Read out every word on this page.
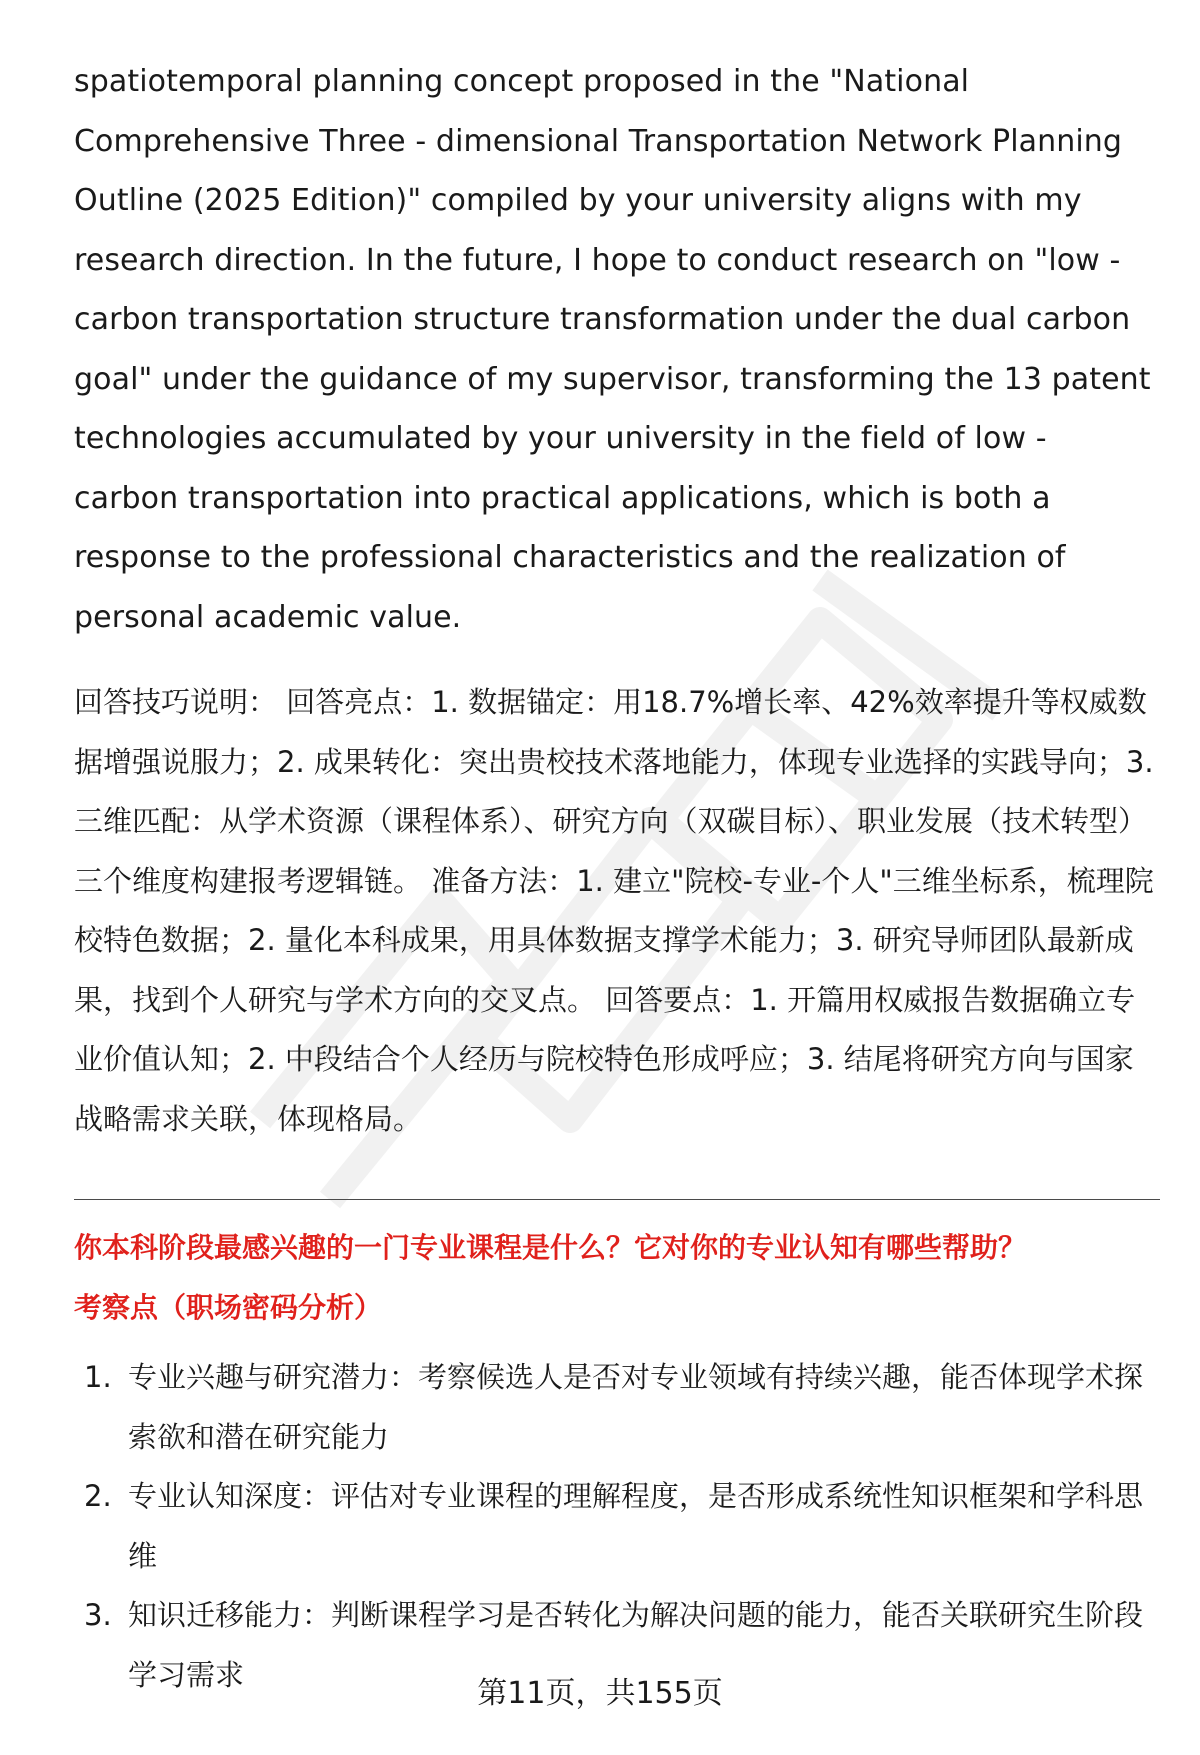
spatiotemporal planning concept proposed in the "National Comprehensive Three - dimensional Transportation Network Planning Outline (2025 Edition)" compiled by your university aligns with my research direction. In the future, I hope to conduct research on "low - carbon transportation structure transformation under the dual carbon goal" under the guidance of my supervisor, transforming the 13 patent technologies accumulated by your university in the field of low - carbon transportation into practical applications, which is both a response to the professional characteristics and the realization of personal academic value.

回答技巧说明： 回答亮点：1. 数据锚定：用18.7%增长率、42%效率提升等权威数据增强说服力；2. 成果转化：突出贵校技术落地能力，体现专业选择的实践导向；3. 三维匹配：从学术资源（课程体系）、研究方向（双碳目标）、职业发展（技术转型）三个维度构建报考逻辑链。 准备方法：1. 建立"院校-专业-个人"三维坐标系，梳理院校特色数据；2. 量化本科成果，用具体数据支撑学术能力；3. 研究导师团队最新成果，找到个人研究与学术方向的交叉点。 回答要点：1. 开篇用权威报告数据确立专业价值认知；2. 中段结合个人经历与院校特色形成呼应；3. 结尾将研究方向与国家战略需求关联，体现格局。

你本科阶段最感兴趣的一门专业课程是什么？它对你的专业认知有哪些帮助？

考察点（职场密码分析）

1. 专业兴趣与研究潜力：考察候选人是否对专业领域有持续兴趣，能否体现学术探索欲和潜在研究能力
2. 专业认知深度：评估对专业课程的理解程度，是否形成系统性知识框架和学科思维
3. 知识迁移能力：判断课程学习是否转化为解决问题的能力，能否关联研究生阶段学习需求
第11页，共155页
